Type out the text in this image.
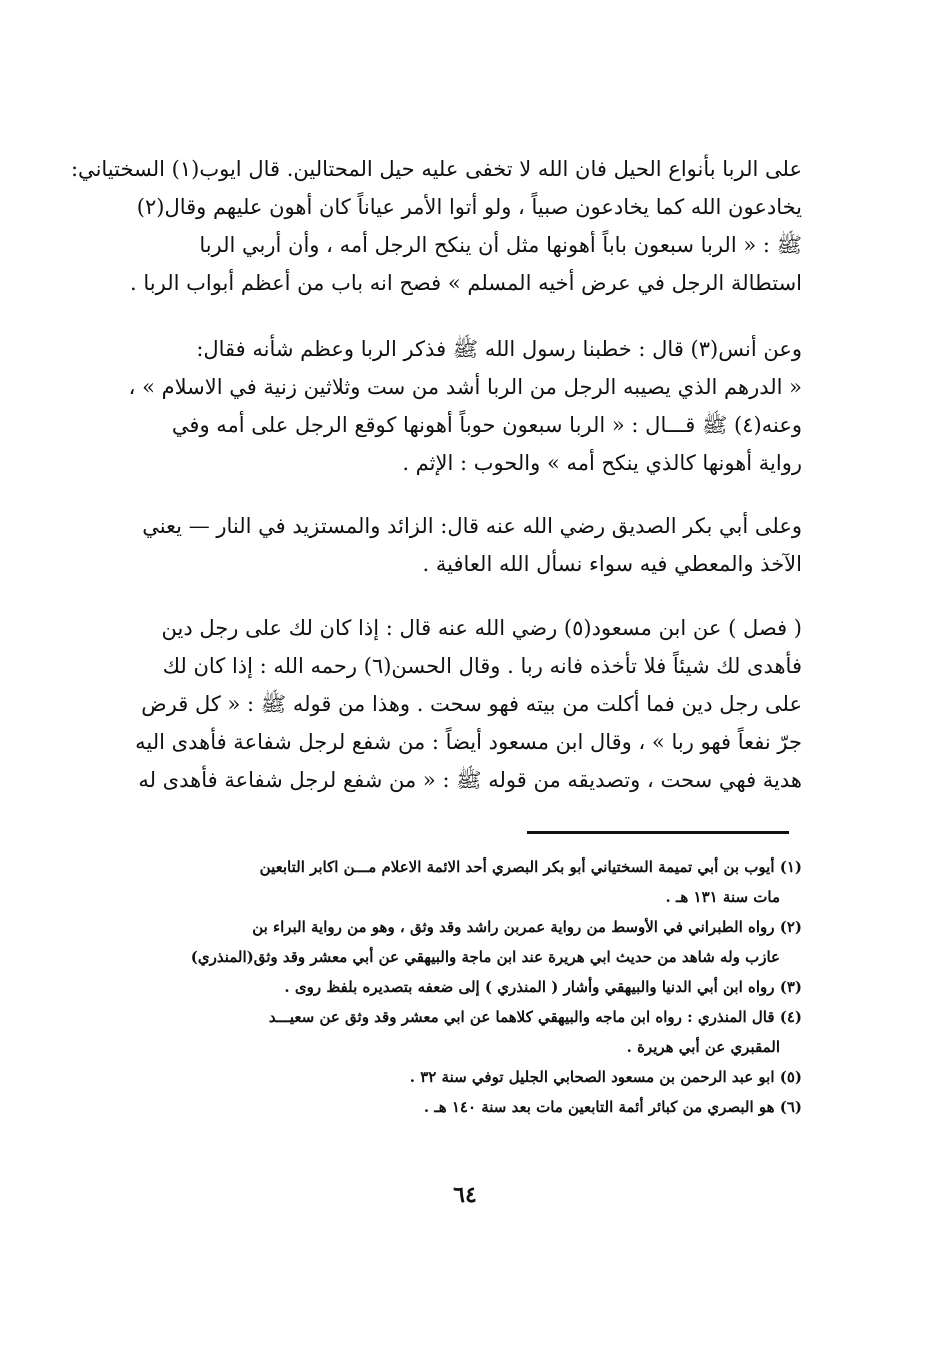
على الربا بأنواع الحيل فان الله لا تخفى عليه حيل المحتالين. قال ايوب(١) السختياني:
يخادعون الله كما يخادعون صبياً ، ولو أتوا الأمر عياناً كان أهون عليهم وقال(٢)
ﷺ : « الربا سبعون باباً أهونها مثل أن ينكح الرجل أمه ، وأن أربي الربا
استطالة الرجل في عرض أخيه المسلم » فصح انه باب من أعظم أبواب الربا .
وعن أنس(٣) قال : خطبنا رسول الله ﷺ فذكر الربا وعظم شأنه فقال:
« الدرهم الذي يصيبه الرجل من الربا أشد من ست وثلاثين زنية في الاسلام » ،
وعنه(٤) ﷺ قـــال : « الربا سبعون حوباً أهونها كوقع الرجل على أمه وفي
رواية أهونها كالذي ينكح أمه » والحوب : الإثم .
وعلى أبي بكر الصديق رضي الله عنه قال: الزائد والمستزيد في النار — يعني
الآخذ والمعطي فيه سواء نسأل الله العافية .
( فصل ) عن ابن مسعود(٥) رضي الله عنه قال : إذا كان لك على رجل دين
فأهدى لك شيئاً فلا تأخذه فانه ربا . وقال الحسن(٦) رحمه الله : إذا كان لك
على رجل دين فما أكلت من بيته فهو سحت . وهذا من قوله ﷺ : « كل قرض
جرّ نفعاً فهو ربا » ، وقال ابن مسعود أيضاً : من شفع لرجل شفاعة فأهدى اليه
هدية فهي سحت ، وتصديقه من قوله ﷺ : « من شفع لرجل شفاعة فأهدى له
(١) أيوب بن أبي تميمة السختياني أبو بكر البصري أحد الائمة الاعلام مـــن اكابر التابعين
مات سنة ١٣١ هـ .
(٢) رواه الطبراني في الأوسط من رواية عمربن راشد وقد وثق ، وهو من رواية البراء بن
عازب وله شاهد من حديث ابي هريرة عند ابن ماجة والبيهقي عن أبي معشر وقد وثق(المنذري)
(٣) رواه ابن أبي الدنيا والبيهقي وأشار ( المنذري ) إلى ضعفه بتصديره بلفظ روى .
(٤) قال المنذري : رواه ابن ماجه والبيهقي كلاهما عن ابي معشر وقد وثق عن سعيـــد
المقبري عن أبي هريرة .
(٥) ابو عبد الرحمن بن مسعود الصحابي الجليل توفي سنة ٣٢ .
(٦) هو البصري من كبائر أئمة التابعين مات بعد سنة ١٤٠ هـ .
٦٤
